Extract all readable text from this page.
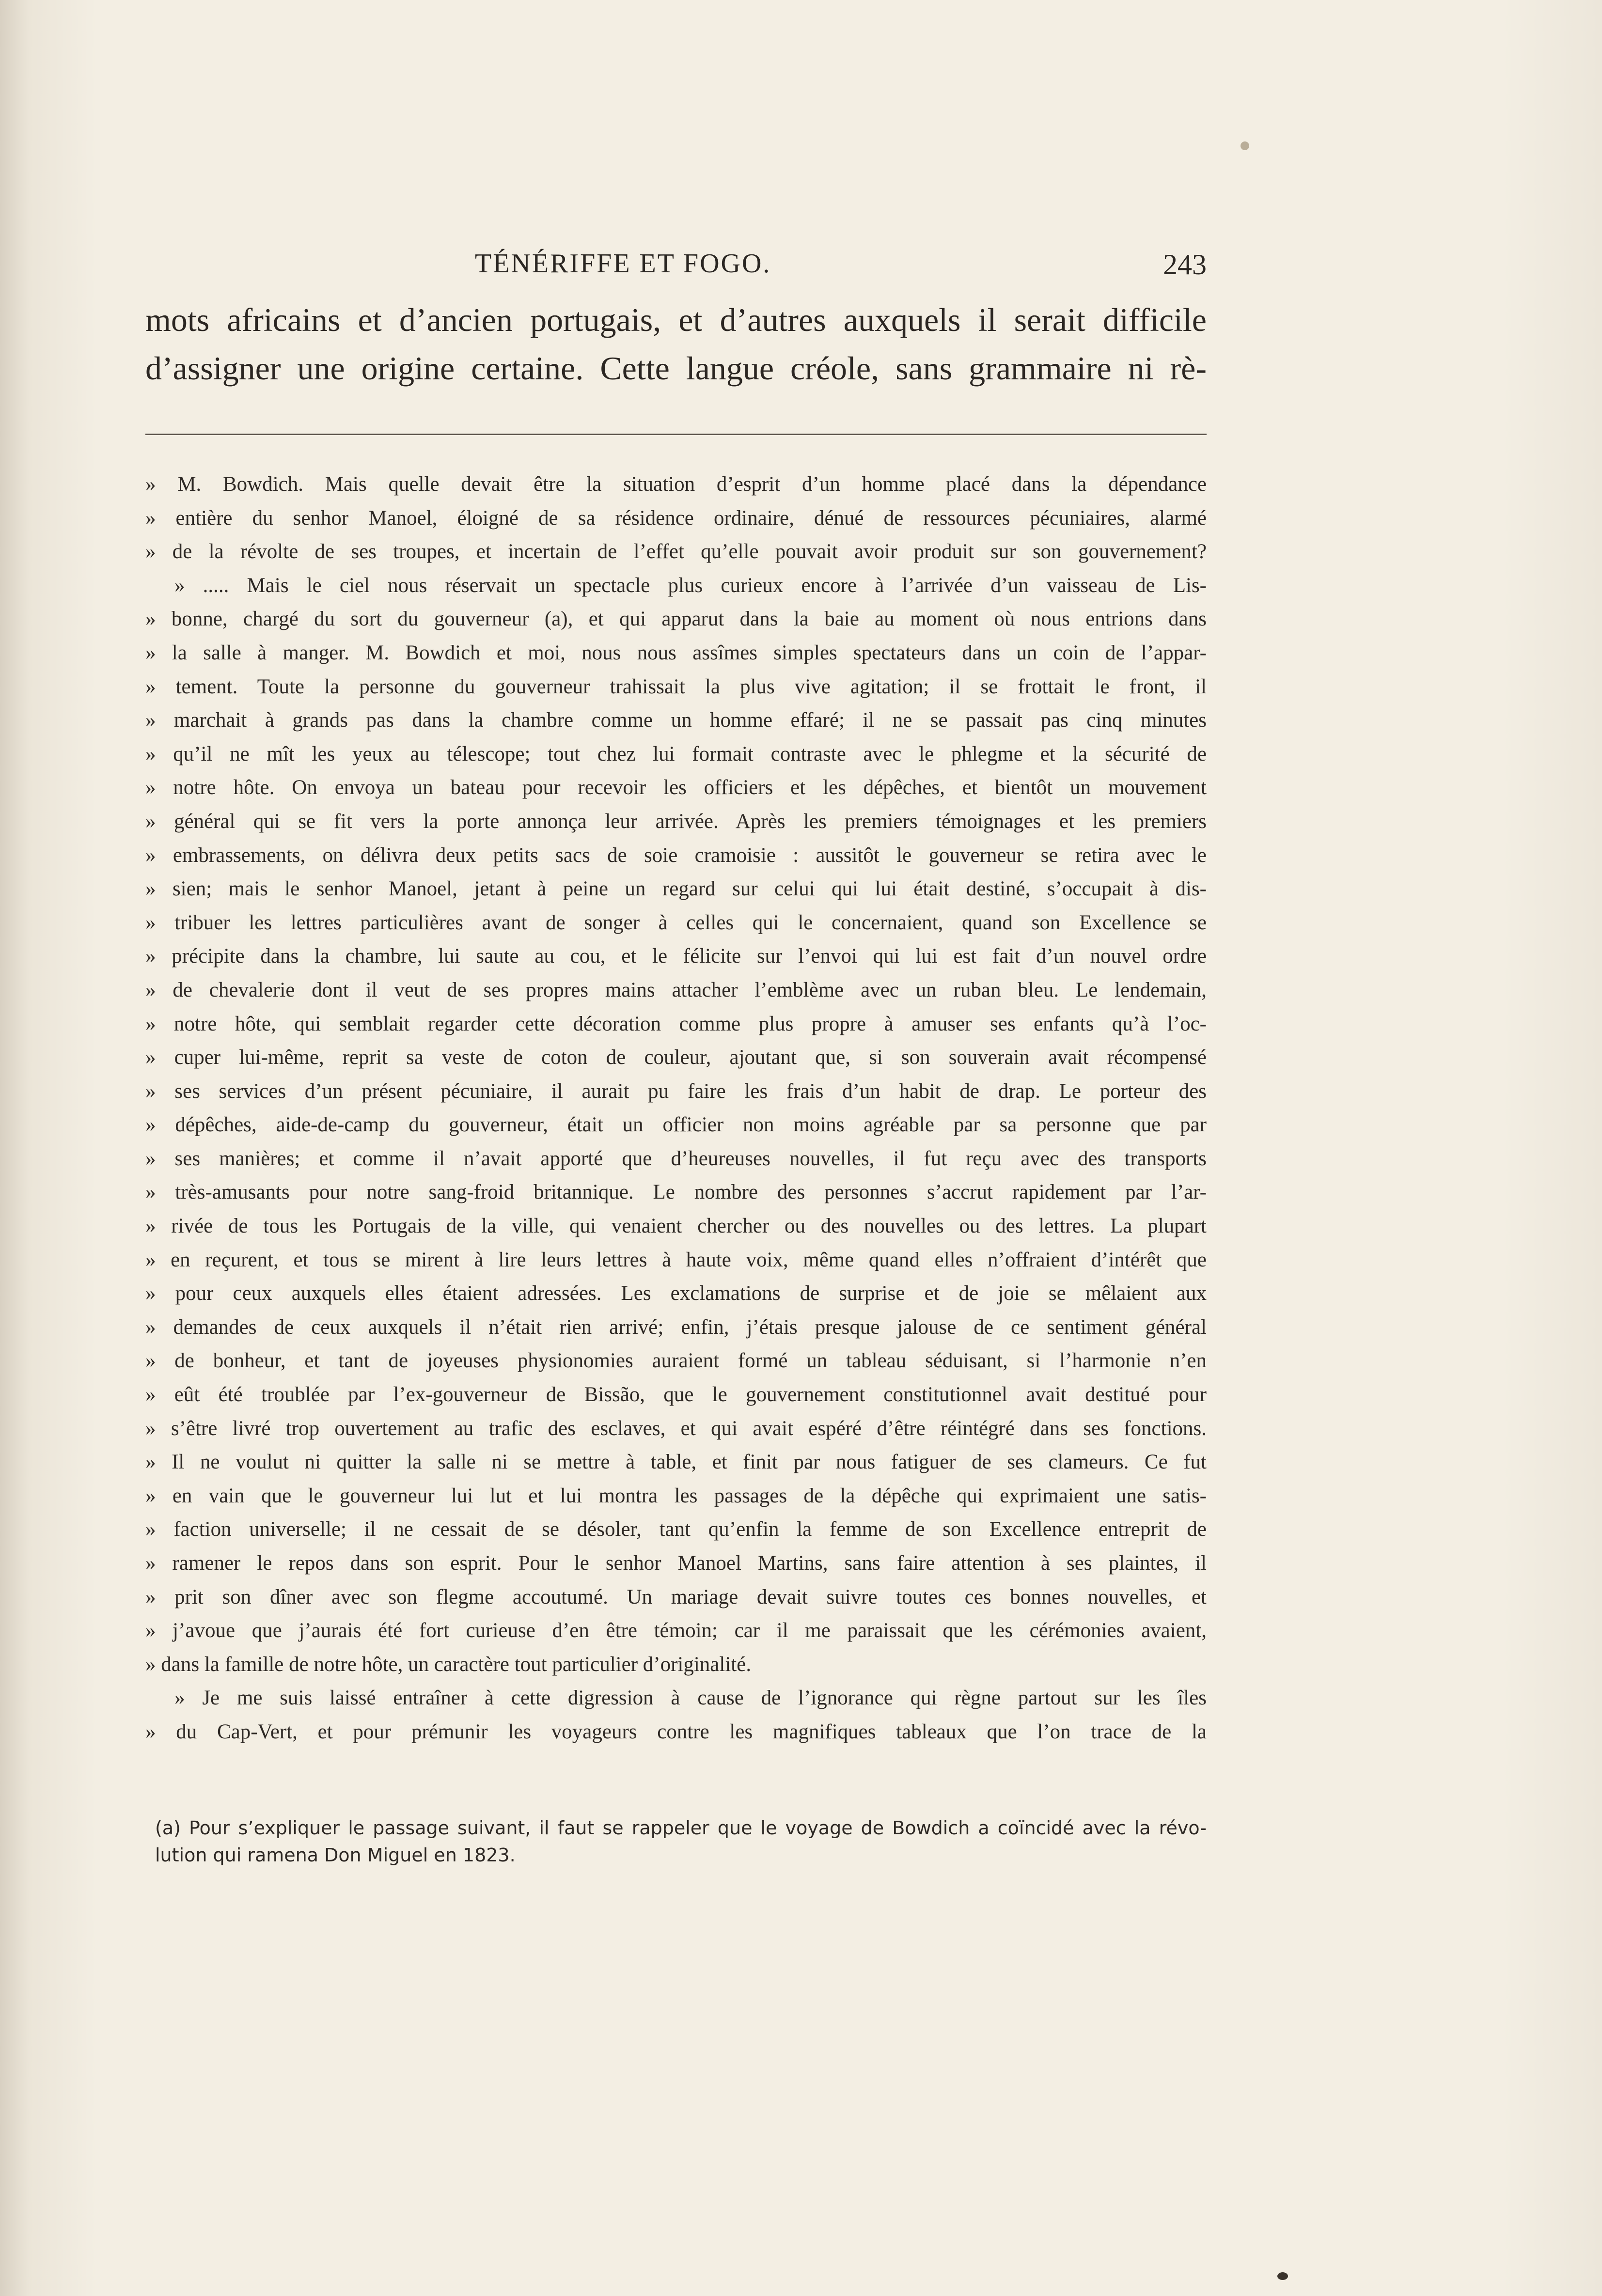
TÉNÉRIFFE ET FOGO.	243
mots africains et d’ancien portugais, et d’autres auxquels il serait difficile
d’assigner une origine certaine. Cette langue créole, sans grammaire ni rè-
» M. Bowdich. Mais quelle devait être la situation d’esprit d’un homme placé dans la dépendance
» entière du senhor Manoel, éloigné de sa résidence ordinaire, dénué de ressources pécuniaires, alarmé
» de la révolte de ses troupes, et incertain de l’effet qu’elle pouvait avoir produit sur son gouvernement?
» ..... Mais le ciel nous réservait un spectacle plus curieux encore à l’arrivée d’un vaisseau de Lis-
» bonne, chargé du sort du gouverneur (a), et qui apparut dans la baie au moment où nous entrions dans
» la salle à manger. M. Bowdich et moi, nous nous assîmes simples spectateurs dans un coin de l’appar-
» tement. Toute la personne du gouverneur trahissait la plus vive agitation; il se frottait le front, il
» marchait à grands pas dans la chambre comme un homme effaré; il ne se passait pas cinq minutes
» qu’il ne mît les yeux au télescope; tout chez lui formait contraste avec le phlegme et la sécurité de
» notre hôte. On envoya un bateau pour recevoir les officiers et les dépêches, et bientôt un mouvement
» général qui se fit vers la porte annonça leur arrivée. Après les premiers témoignages et les premiers
» embrassements, on délivra deux petits sacs de soie cramoisie : aussitôt le gouverneur se retira avec le
» sien; mais le senhor Manoel, jetant à peine un regard sur celui qui lui était destiné, s’occupait à dis-
» tribuer les lettres particulières avant de songer à celles qui le concernaient, quand son Excellence se
» précipite dans la chambre, lui saute au cou, et le félicite sur l’envoi qui lui est fait d’un nouvel ordre
» de chevalerie dont il veut de ses propres mains attacher l’emblème avec un ruban bleu. Le lendemain,
» notre hôte, qui semblait regarder cette décoration comme plus propre à amuser ses enfants qu’à l’oc-
» cuper lui-même, reprit sa veste de coton de couleur, ajoutant que, si son souverain avait récompensé
» ses services d’un présent pécuniaire, il aurait pu faire les frais d’un habit de drap. Le porteur des
» dépêches, aide-de-camp du gouverneur, était un officier non moins agréable par sa personne que par
» ses manières; et comme il n’avait apporté que d’heureuses nouvelles, il fut reçu avec des transports
» très-amusants pour notre sang-froid britannique. Le nombre des personnes s’accrut rapidement par l’ar-
» rivée de tous les Portugais de la ville, qui venaient chercher ou des nouvelles ou des lettres. La plupart
» en reçurent, et tous se mirent à lire leurs lettres à haute voix, même quand elles n’offraient d’intérêt que
» pour ceux auxquels elles étaient adressées. Les exclamations de surprise et de joie se mêlaient aux
» demandes de ceux auxquels il n’était rien arrivé; enfin, j’étais presque jalouse de ce sentiment général
» de bonheur, et tant de joyeuses physionomies auraient formé un tableau séduisant, si l’harmonie n’en
» eût été troublée par l’ex-gouverneur de Bissão, que le gouvernement constitutionnel avait destitué pour
» s’être livré trop ouvertement au trafic des esclaves, et qui avait espéré d’être réintégré dans ses fonctions.
» Il ne voulut ni quitter la salle ni se mettre à table, et finit par nous fatiguer de ses clameurs. Ce fut
» en vain que le gouverneur lui lut et lui montra les passages de la dépêche qui exprimaient une satis-
» faction universelle; il ne cessait de se désoler, tant qu’enfin la femme de son Excellence entreprit de
» ramener le repos dans son esprit. Pour le senhor Manoel Martins, sans faire attention à ses plaintes, il
» prit son dîner avec son flegme accoutumé. Un mariage devait suivre toutes ces bonnes nouvelles, et
» j’avoue que j’aurais été fort curieuse d’en être témoin; car il me paraissait que les cérémonies avaient,
» dans la famille de notre hôte, un caractère tout particulier d’originalité.
» Je me suis laissé entraîner à cette digression à cause de l’ignorance qui règne partout sur les îles
» du Cap-Vert, et pour prémunir les voyageurs contre les magnifiques tableaux que l’on trace de la
(a) Pour s’expliquer le passage suivant, il faut se rappeler que le voyage de Bowdich a coïncidé avec la révo-
lution qui ramena Don Miguel en 1823.
